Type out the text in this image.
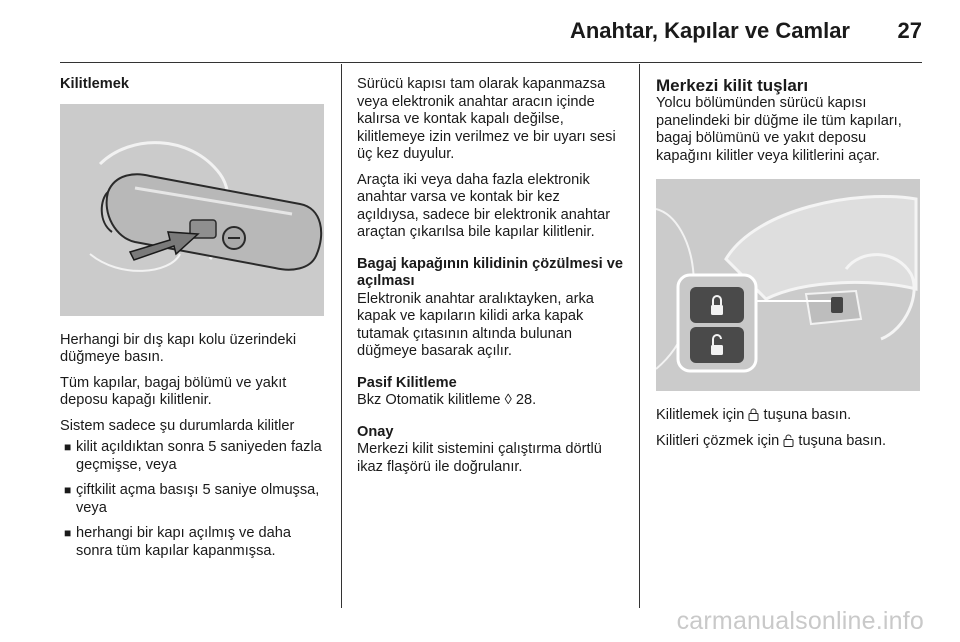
Anahtar, Kapılar ve Camlar	27
Kilitlemek

Herhangi bir dış kapı kolu üzerindeki düğmeye basın.

Tüm kapılar, bagaj bölümü ve yakıt deposu kapağı kilitlenir.

Sistem sadece şu durumlarda kilitler

■ kilit açıldıktan sonra 5 saniyeden fazla geçmişse, veya
■ çiftkilit açma basışı 5 saniye olmuşsa, veya
■ herhangi bir kapı açılmış ve daha sonra tüm kapılar kapanmışsa.

Sürücü kapısı tam olarak kapanmazsa veya elektronik anahtar aracın içinde kalırsa ve kontak kapalı değilse, kilitlemeye izin verilmez ve bir uyarı sesi üç kez duyulur.

Araçta iki veya daha fazla elektronik anahtar varsa ve kontak bir kez açıldıysa, sadece bir elektronik anahtar araçtan çıkarılsa bile kapılar kilitlenir.

Bagaj kapağının kilidinin çözülmesi ve açılması

Elektronik anahtar aralıktayken, arka kapak ve kapıların kilidi arka kapak tutamak çıtasının altında bulunan düğmeye basarak açılır.

Pasif Kilitleme

Bkz Otomatik kilitleme ◊ 28.

Onay

Merkezi kilit sistemini çalıştırma dörtlü ikaz flaşörü ile doğrulanır.

Merkezi kilit tuşları

Yolcu bölümünden sürücü kapısı panelindeki bir düğme ile tüm kapıları, bagaj bölümünü ve yakıt deposu kapağını kilitler veya kilitlerini açar.

Kilitlemek için tuşuna basın.

Kilitleri çözmek için tuşuna basın.

carmanualsonline.info
